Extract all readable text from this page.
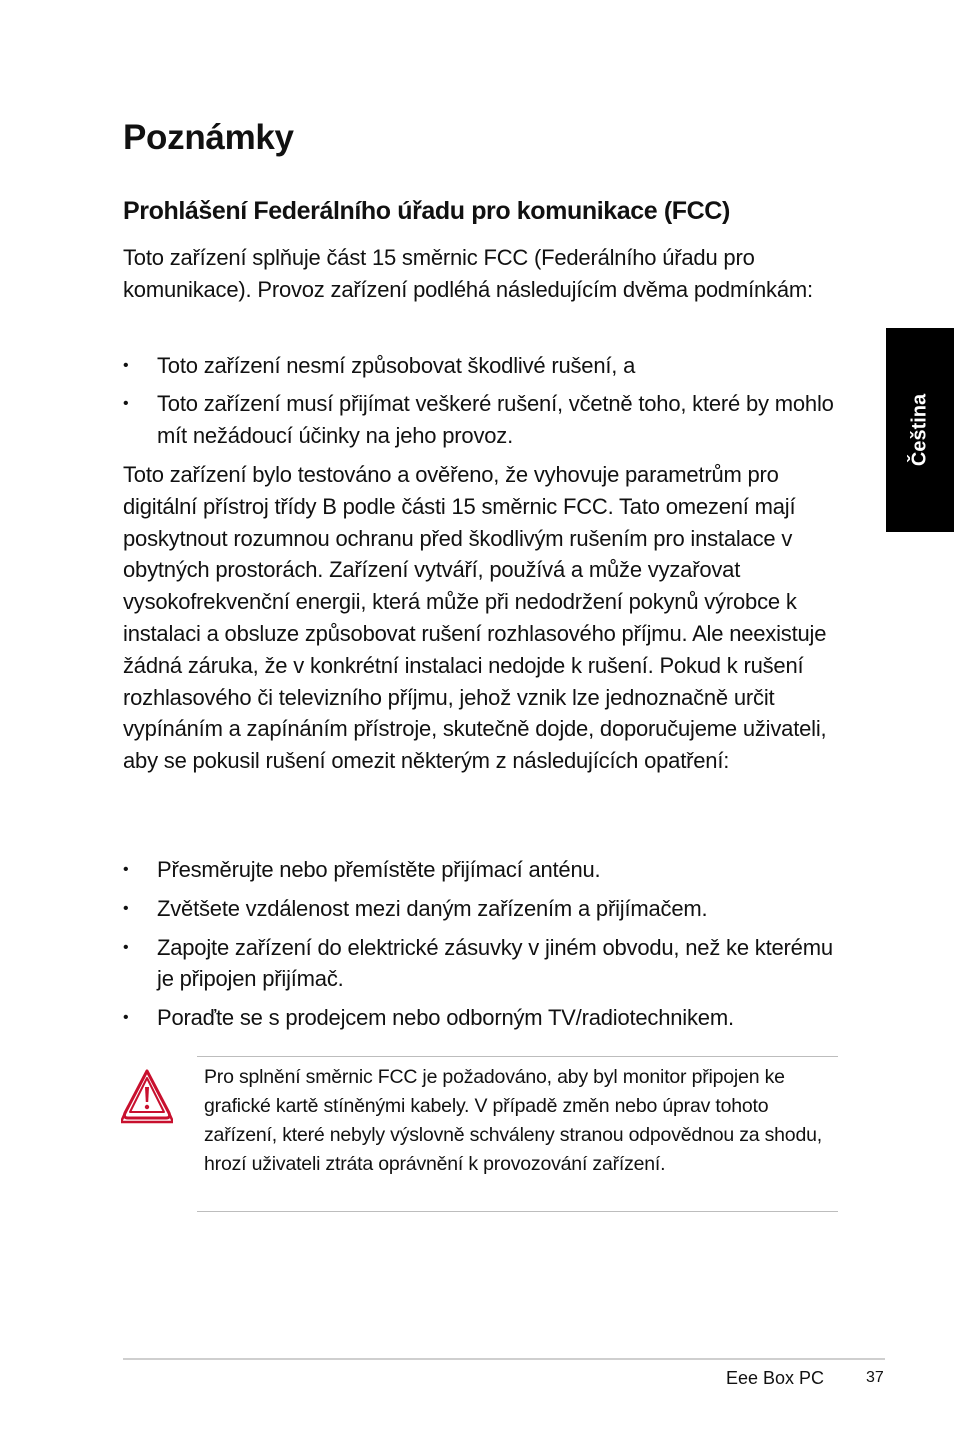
Poznámky
Prohlášení Federálního úřadu pro komunikace (FCC)

Toto zařízení splňuje část 15 směrnic FCC (Federálního úřadu pro komunikace). Provoz zařízení podléhá následujícím dvěma podmínkám:

• Toto zařízení nesmí způsobovat škodlivé rušení, a
• Toto zařízení musí přijímat veškeré rušení, včetně toho, které by mohlo mít nežádoucí účinky na jeho provoz.

Toto zařízení bylo testováno a ověřeno, že vyhovuje parametrům pro digitální přístroj třídy B podle části 15 směrnic FCC. Tato omezení mají poskytnout rozumnou ochranu před škodlivým rušením pro instalace v obytných prostorách. Zařízení vytváří, používá a může vyzařovat vysokofrekvenční energii, která může při nedodržení pokynů výrobce k instalaci a obsluze způsobovat rušení rozhlasového příjmu. Ale neexistuje žádná záruka, že v konkrétní instalaci nedojde k rušení. Pokud k rušení rozhlasového či televizního příjmu, jehož vznik lze jednoznačně určit vypínáním a zapínáním přístroje, skutečně dojde, doporučujeme uživateli, aby se pokusil rušení omezit některým z následujících opatření:

• Přesměrujte nebo přemístěte přijímací anténu.
• Zvětšete vzdálenost mezi daným zařízením a přijímačem.
• Zapojte zařízení do elektrické zásuvky v jiném obvodu, než ke kterému je připojen přijímač.
• Poraďte se s prodejcem nebo odborným TV/radiotechnikem.
Čeština

Pro splnění směrnic FCC je požadováno, aby byl monitor připojen ke grafické kartě stíněnými kabely. V případě změn nebo úprav tohoto zařízení, které nebyly výslovně schváleny stranou odpovědnou za shodu, hrozí uživateli ztráta oprávnění k provozování zařízení.

Eee Box PC	37
